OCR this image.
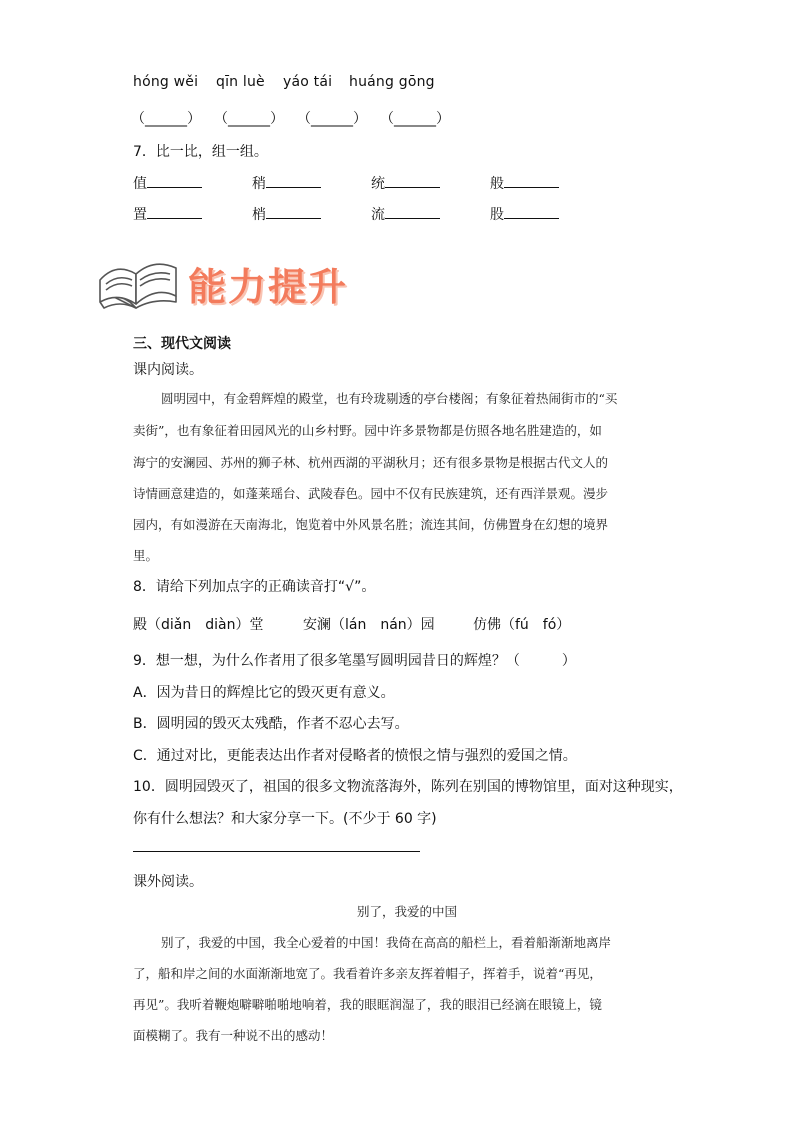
hóng wěi qīn luè yáo tái huáng gōng
（______） （______） （______） （______）
7．比一比，组一组。
值	稍	统	般
置	梢	流	股
能力提升
三、现代文阅读
课内阅读。
圆明园中，有金碧辉煌的殿堂，也有玲珑剔透的亭台楼阁；有象征着热闹街市的“买
卖街”，也有象征着田园风光的山乡村野。园中许多景物都是仿照各地名胜建造的，如
海宁的安澜园、苏州的狮子林、杭州西湖的平湖秋月；还有很多景物是根据古代文人的
诗情画意建造的，如蓬莱瑶台、武陵春色。园中不仅有民族建筑，还有西洋景观。漫步
园内，有如漫游在天南海北，饱览着中外风景名胜；流连其间，仿佛置身在幻想的境界
里。
8．请给下列加点字的正确读音打“√”。
殿（diǎn　diàn）堂	安澜（lán　nán）园	仿佛（fú　fó）
9．想一想，为什么作者用了很多笔墨写圆明园昔日的辉煌？（　　　）
A．因为昔日的辉煌比它的毁灭更有意义。
B．圆明园的毁灭太残酷，作者不忍心去写。
C．通过对比，更能表达出作者对侵略者的愤恨之情与强烈的爱国之情。
10．圆明园毁灭了，祖国的很多文物流落海外，陈列在别国的博物馆里，面对这种现实，
你有什么想法？和大家分享一下。(不少于 60 字)
课外阅读。
别了，我爱的中国
别了，我爱的中国，我全心爱着的中国！我倚在高高的船栏上，看着船渐渐地离岸
了，船和岸之间的水面渐渐地宽了。我看着许多亲友挥着帽子，挥着手，说着“再见，
再见”。我听着鞭炮噼噼啪啪地响着，我的眼眶润湿了，我的眼泪已经滴在眼镜上，镜
面模糊了。我有一种说不出的感动！
